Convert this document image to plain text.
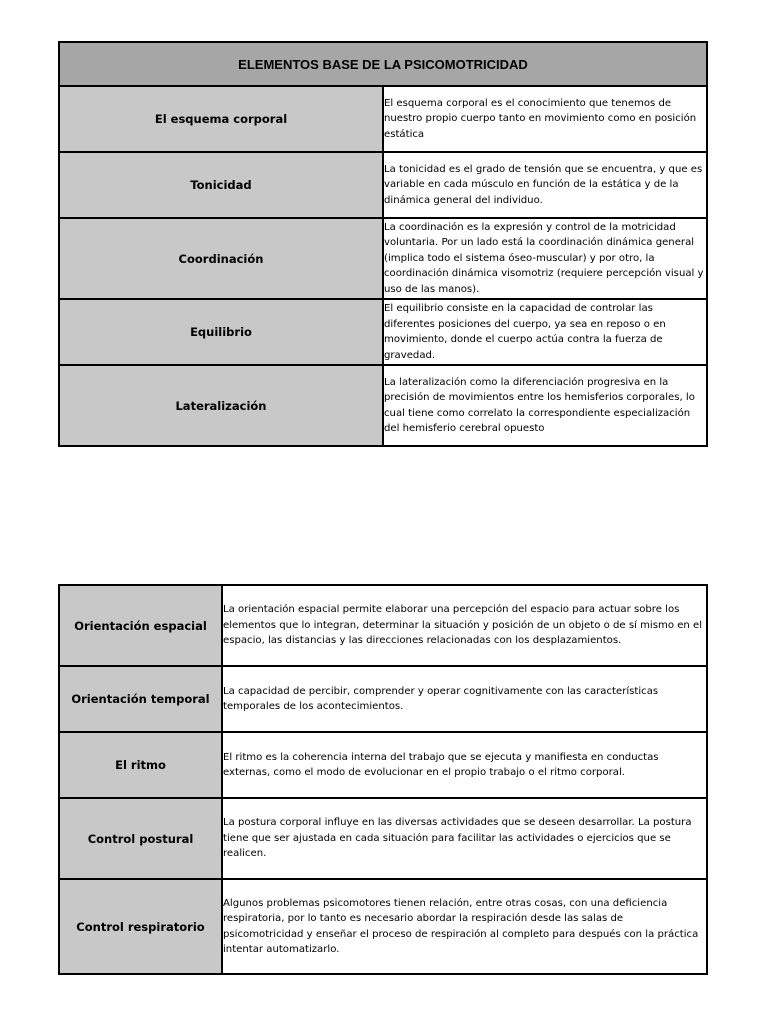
ELEMENTOS BASE DE LA PSICOMOTRICIDAD	
El esquema corporal	El esquema corporal es el conocimiento que tenemos de nuestro propio cuerpo tanto en movimiento como en posición estática
Tonicidad	La tonicidad es el grado de tensión que se encuentra, y que es variable en cada músculo en función de la estática y de la dinámica general del individuo.
Coordinación	La coordinación es la expresión y control de la motricidad voluntaria. Por un lado está la coordinación dinámica general (implica todo el sistema óseo-muscular) y por otro, la coordinación dinámica visomotriz (requiere percepción visual y uso de las manos).
Equilibrio	El equilibrio consiste en la capacidad de controlar las diferentes posiciones del cuerpo, ya sea en reposo o en movimiento, donde el cuerpo actúa contra la fuerza de gravedad.
Lateralización	La lateralización como la diferenciación progresiva en la precisión de movimientos entre los hemisferios corporales, lo cual tiene como correlato la correspondiente especialización del hemisferio cerebral opuesto
Orientación espacial	La orientación espacial permite elaborar una percepción del espacio para actuar sobre los elementos que lo integran, determinar la situación y posición de un objeto o de sí mismo en el espacio, las distancias y las direcciones relacionadas con los desplazamientos.
Orientación temporal	La capacidad de percibir, comprender y operar cognitivamente con las características temporales de los acontecimientos.
El ritmo	El ritmo es la coherencia interna del trabajo que se ejecuta y manifiesta en conductas externas, como el modo de evolucionar en el propio trabajo o el ritmo corporal.
Control postural	La postura corporal influye en las diversas actividades que se deseen desarrollar. La postura tiene que ser ajustada en cada situación para facilitar las actividades o ejercicios que se realicen.
Control respiratorio	Algunos problemas psicomotores tienen relación, entre otras cosas, con una deficiencia respiratoria, por lo tanto es necesario abordar la respiración desde las salas de psicomotricidad y enseñar el proceso de respiración al completo para después con la práctica intentar automatizarlo.
